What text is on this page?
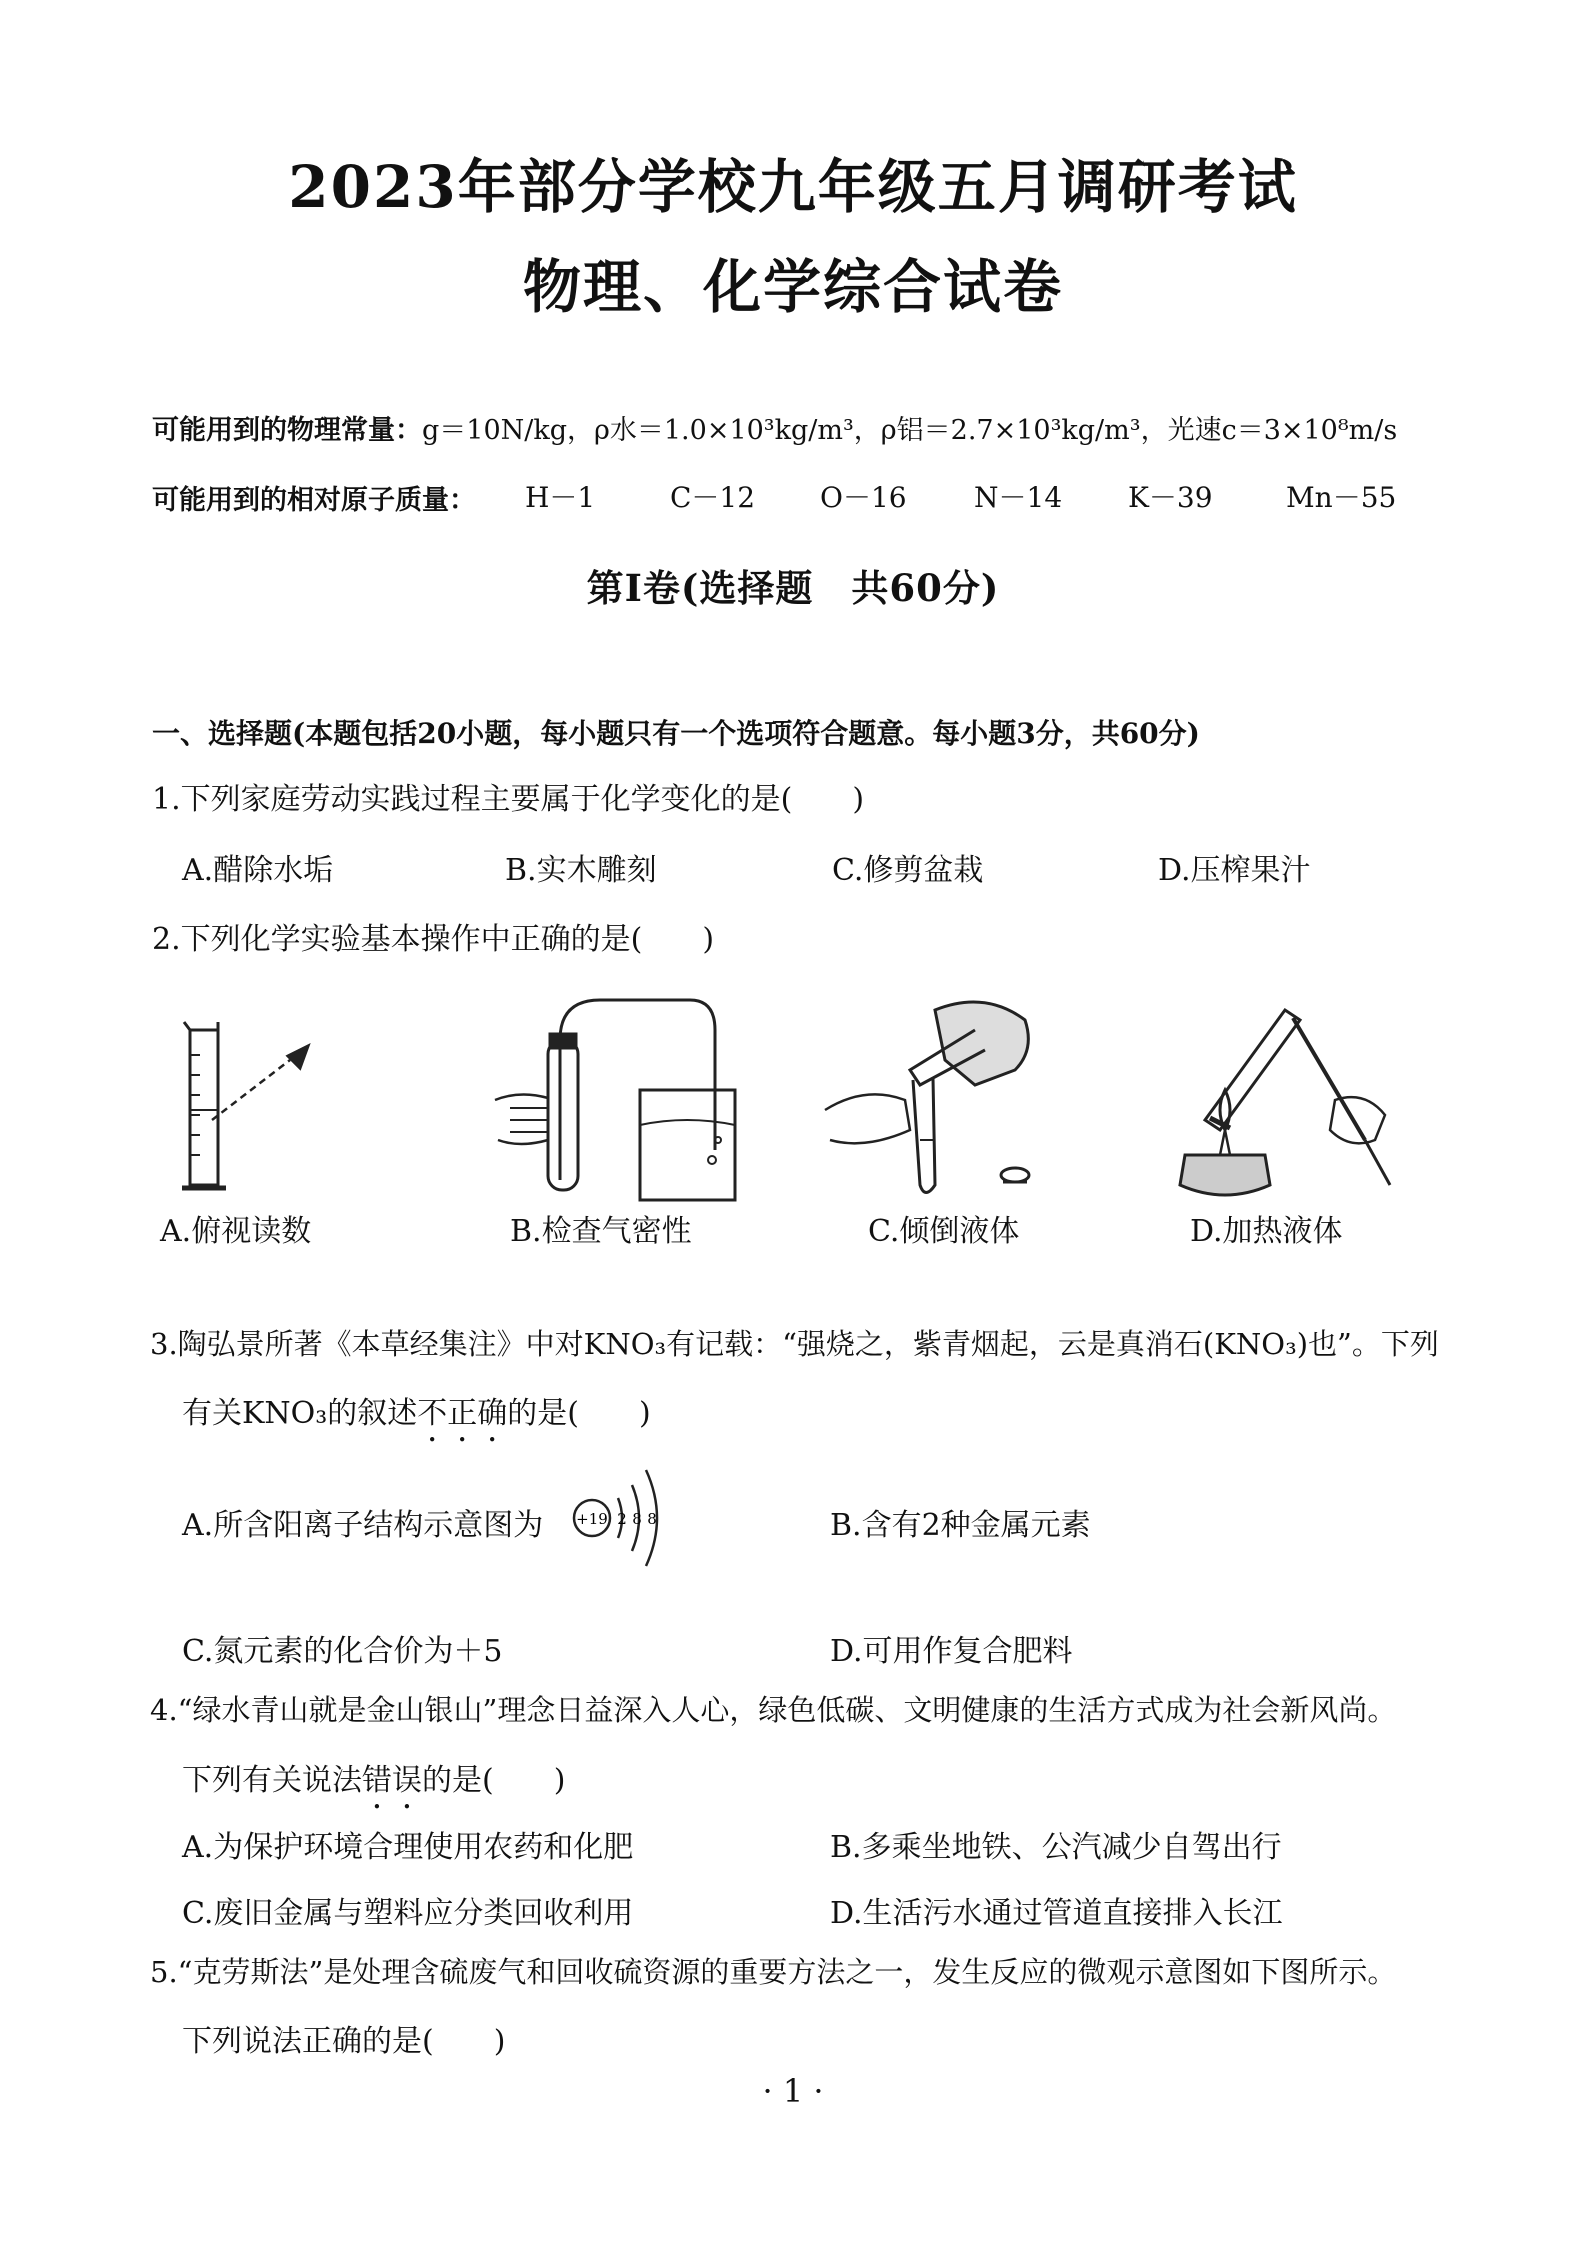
2023年部分学校九年级五月调研考试
物理、化学综合试卷
可能用到的物理常量：g＝10N/kg，ρ水＝1.0×10³kg/m³，ρ铝＝2.7×10³kg/m³，光速c＝3×10⁸m/s
可能用到的相对原子质量： H－1	C－12 O－16 N－14 K－39	Mn－55
第Ⅰ卷(选择题　共60分)
一、选择题(本题包括20小题，每小题只有一个选项符合题意。每小题3分，共60分)
1.下列家庭劳动实践过程主要属于化学变化的是(　　)
A.醋除水垢	B.实木雕刻	C.修剪盆栽	D.压榨果汁
2.下列化学实验基本操作中正确的是(　　)
A.俯视读数	B.检查气密性	C.倾倒液体	D.加热液体
3.陶弘景所著《本草经集注》中对KNO₃有记载：“强烧之，紫青烟起，云是真消石(KNO₃)也”。下列
有关KNO₃的叙述不正确的是(　　)
A.所含阳离子结构示意图为 +19 2 8 8	B.含有2种金属元素
C.氮元素的化合价为＋5	D.可用作复合肥料
4.“绿水青山就是金山银山”理念日益深入人心，绿色低碳、文明健康的生活方式成为社会新风尚。
下列有关说法错误的是(　　)
A.为保护环境合理使用农药和化肥	B.多乘坐地铁、公汽减少自驾出行
C.废旧金属与塑料应分类回收利用	D.生活污水通过管道直接排入长江
5.“克劳斯法”是处理含硫废气和回收硫资源的重要方法之一，发生反应的微观示意图如下图所示。
下列说法正确的是(　　)
· 1 ·
